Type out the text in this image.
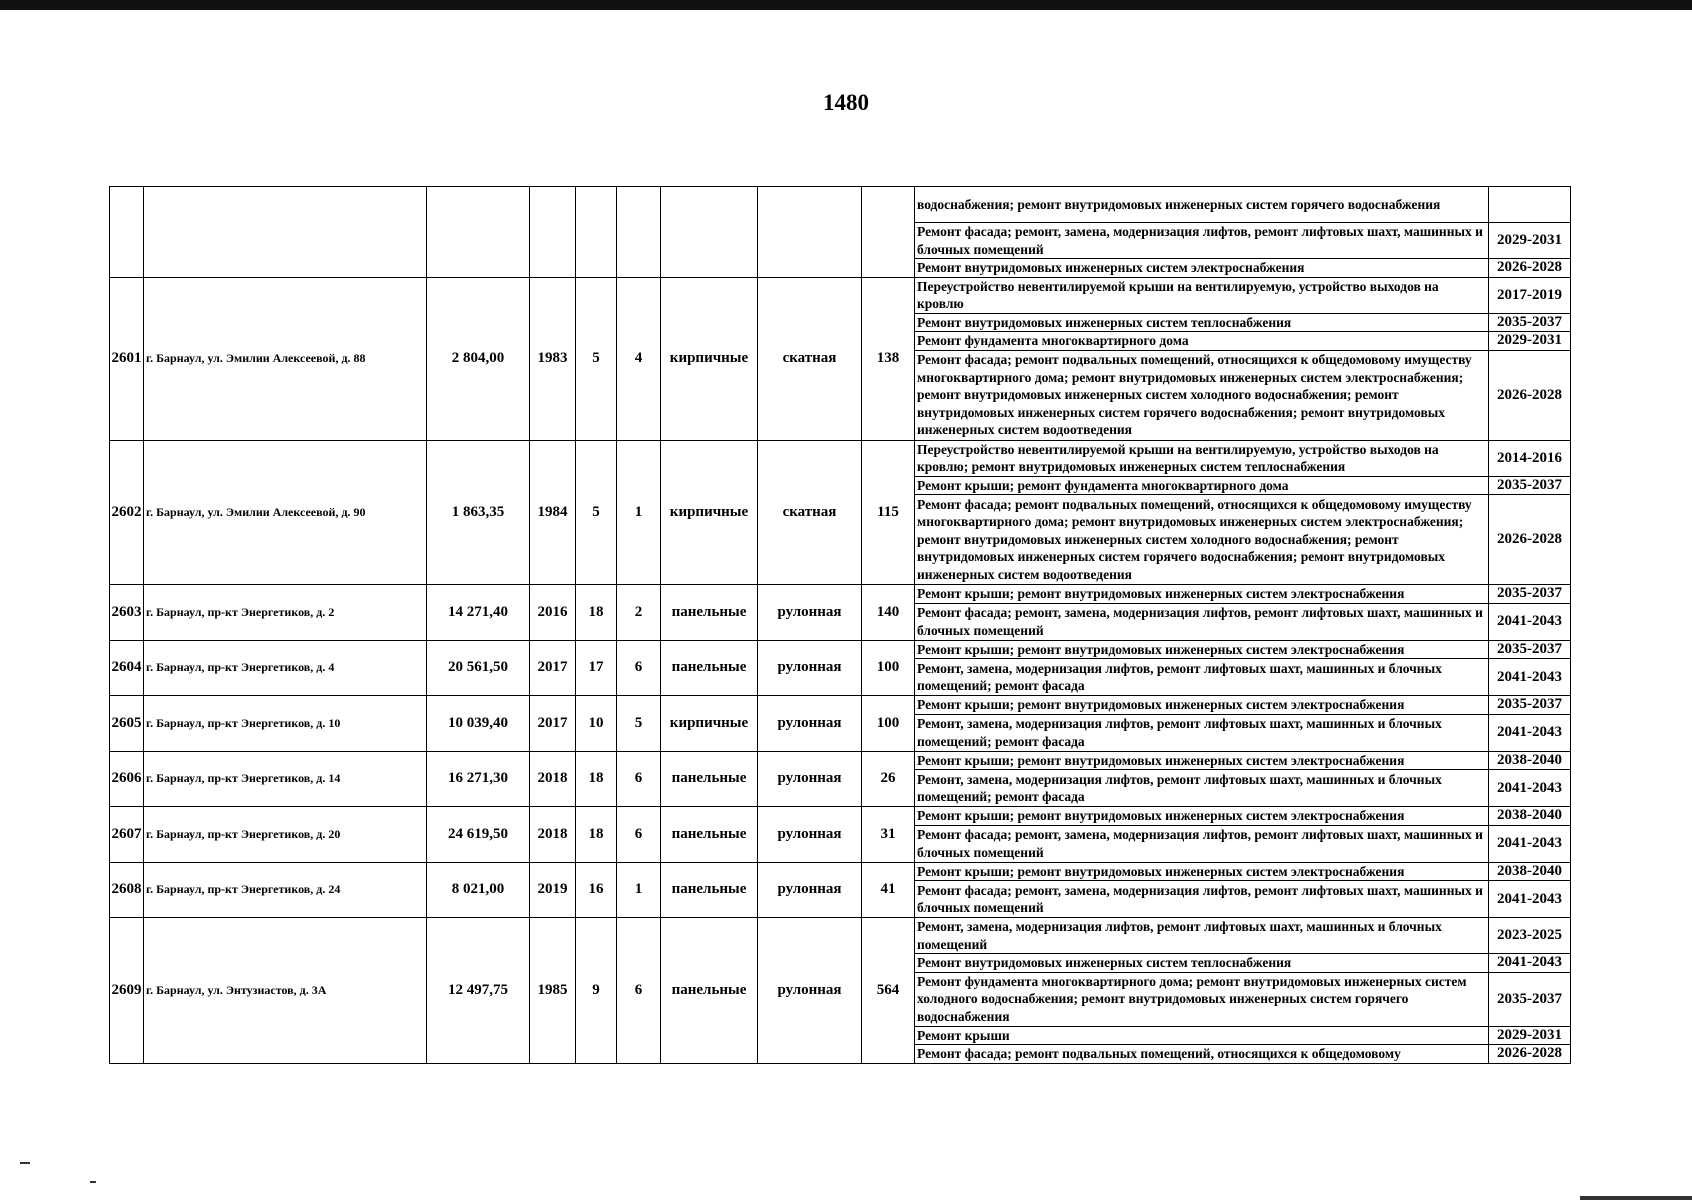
1480
									водоснабжения; ремонт внутридомовых инженерных систем горячего водоснабжения	
									Ремонт фасада; ремонт, замена, модернизация лифтов, ремонт лифтовых шахт, машинных и блочных помещений	2029-2031
									Ремонт внутридомовых инженерных систем электроснабжения	2026-2028
2601	г. Барнаул, ул. Эмилии Алексеевой, д. 88	2 804,00	1983	5	4	кирпичные	скатная	138	Переустройство невентилируемой крыши на вентилируемую, устройство выходов на кровлю	2017-2019
									Ремонт внутридомовых инженерных систем теплоснабжения	2035-2037
									Ремонт фундамента многоквартирного дома	2029-2031
									Ремонт фасада; ремонт подвальных помещений, относящихся к общедомовому имуществу многоквартирного дома; ремонт внутридомовых инженерных систем электроснабжения; ремонт внутридомовых инженерных систем холодного водоснабжения; ремонт внутридомовых инженерных систем горячего водоснабжения; ремонт внутридомовых инженерных систем водоотведения	2026-2028
2602	г. Барнаул, ул. Эмилии Алексеевой, д. 90	1 863,35	1984	5	1	кирпичные	скатная	115	Переустройство невентилируемой крыши на вентилируемую, устройство выходов на кровлю; ремонт внутридомовых инженерных систем теплоснабжения	2014-2016
									Ремонт крыши; ремонт фундамента многоквартирного дома	2035-2037
									Ремонт фасада; ремонт подвальных помещений, относящихся к общедомовому имуществу многоквартирного дома; ремонт внутридомовых инженерных систем электроснабжения; ремонт внутридомовых инженерных систем холодного водоснабжения; ремонт внутридомовых инженерных систем горячего водоснабжения; ремонт внутридомовых инженерных систем водоотведения	2026-2028
2603	г. Барнаул, пр-кт Энергетиков, д. 2	14 271,40	2016	18	2	панельные	рулонная	140	Ремонт крыши; ремонт внутридомовых инженерных систем электроснабжения	2035-2037
									Ремонт фасада; ремонт, замена, модернизация лифтов, ремонт лифтовых шахт, машинных и блочных помещений	2041-2043
2604	г. Барнаул, пр-кт Энергетиков, д. 4	20 561,50	2017	17	6	панельные	рулонная	100	Ремонт крыши; ремонт внутридомовых инженерных систем электроснабжения	2035-2037
									Ремонт, замена, модернизация лифтов, ремонт лифтовых шахт, машинных и блочных помещений; ремонт фасада	2041-2043
2605	г. Барнаул, пр-кт Энергетиков, д. 10	10 039,40	2017	10	5	кирпичные	рулонная	100	Ремонт крыши; ремонт внутридомовых инженерных систем электроснабжения	2035-2037
									Ремонт, замена, модернизация лифтов, ремонт лифтовых шахт, машинных и блочных помещений; ремонт фасада	2041-2043
2606	г. Барнаул, пр-кт Энергетиков, д. 14	16 271,30	2018	18	6	панельные	рулонная	26	Ремонт крыши; ремонт внутридомовых инженерных систем электроснабжения	2038-2040
									Ремонт, замена, модернизация лифтов, ремонт лифтовых шахт, машинных и блочных помещений; ремонт фасада	2041-2043
2607	г. Барнаул, пр-кт Энергетиков, д. 20	24 619,50	2018	18	6	панельные	рулонная	31	Ремонт крыши; ремонт внутридомовых инженерных систем электроснабжения	2038-2040
									Ремонт фасада; ремонт, замена, модернизация лифтов, ремонт лифтовых шахт, машинных и блочных помещений	2041-2043
2608	г. Барнаул, пр-кт Энергетиков, д. 24	8 021,00	2019	16	1	панельные	рулонная	41	Ремонт крыши; ремонт внутридомовых инженерных систем электроснабжения	2038-2040
									Ремонт фасада; ремонт, замена, модернизация лифтов, ремонт лифтовых шахт, машинных и блочных помещений	2041-2043
2609	г. Барнаул, ул. Энтузиастов, д. 3А	12 497,75	1985	9	6	панельные	рулонная	564	Ремонт, замена, модернизация лифтов, ремонт лифтовых шахт, машинных и блочных помещений	2023-2025
									Ремонт внутридомовых инженерных систем теплоснабжения	2041-2043
									Ремонт фундамента многоквартирного дома; ремонт внутридомовых инженерных систем холодного водоснабжения; ремонт внутридомовых инженерных систем горячего водоснабжения	2035-2037
									Ремонт крыши	2029-2031
									Ремонт фасада; ремонт подвальных помещений, относящихся к общедомовому	2026-2028
